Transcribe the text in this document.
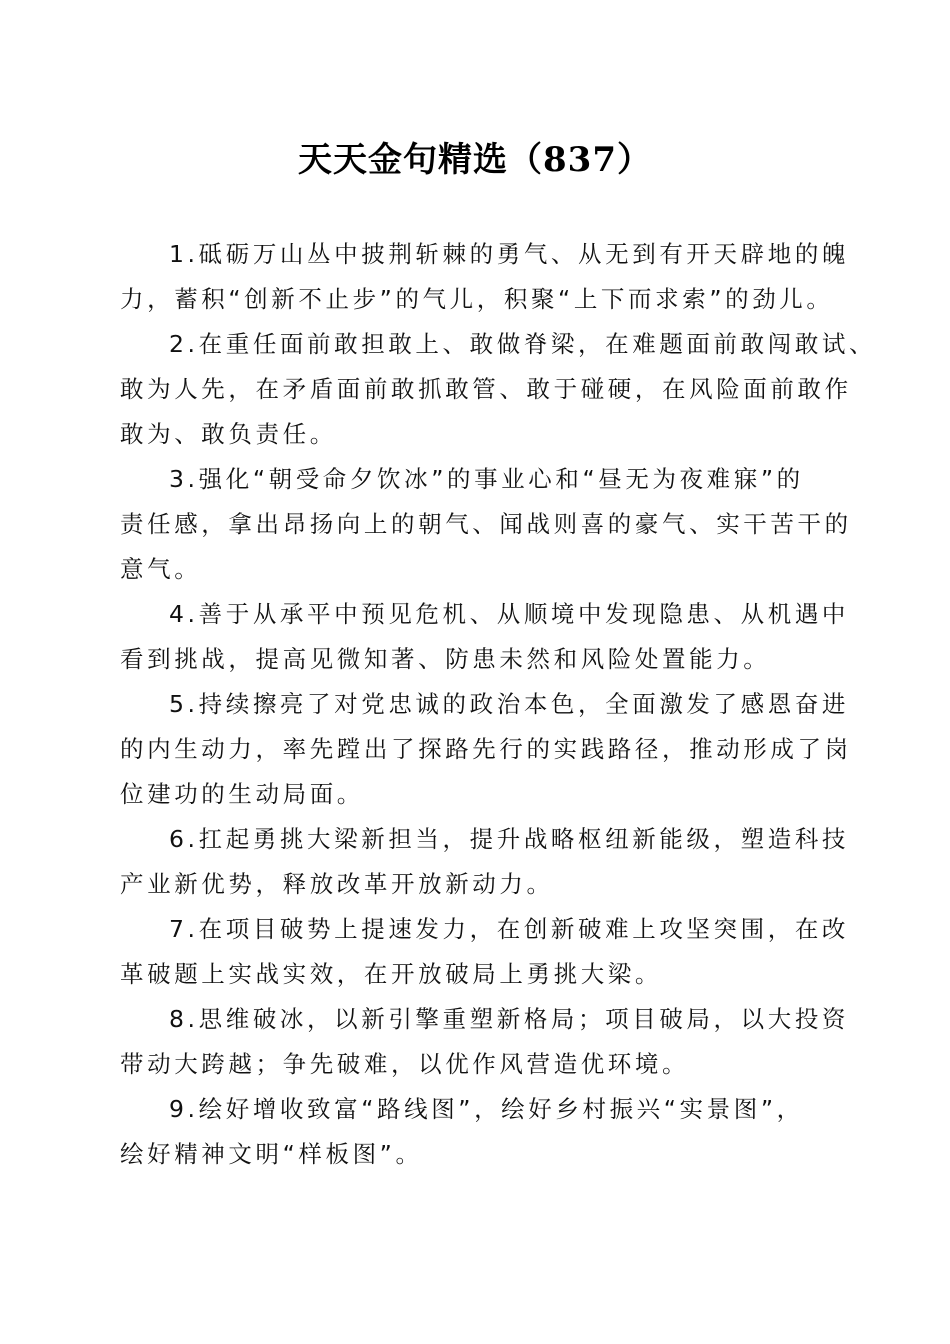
天天金句精选（837）
1.砥砺万山丛中披荆斩棘的勇气、从无到有开天辟地的魄
力，蓄积“创新不止步”的气儿，积聚“上下而求索”的劲儿。
2.在重任面前敢担敢上、敢做脊梁，在难题面前敢闯敢试、
敢为人先，在矛盾面前敢抓敢管、敢于碰硬，在风险面前敢作
敢为、敢负责任。
3.强化“朝受命夕饮冰”的事业心和“昼无为夜难寐”的
责任感，拿出昂扬向上的朝气、闻战则喜的豪气、实干苦干的
意气。
4.善于从承平中预见危机、从顺境中发现隐患、从机遇中
看到挑战，提高见微知著、防患未然和风险处置能力。
5.持续擦亮了对党忠诚的政治本色，全面激发了感恩奋进
的内生动力，率先蹚出了探路先行的实践路径，推动形成了岗
位建功的生动局面。
6.扛起勇挑大梁新担当，提升战略枢纽新能级，塑造科技
产业新优势，释放改革开放新动力。
7.在项目破势上提速发力，在创新破难上攻坚突围，在改
革破题上实战实效，在开放破局上勇挑大梁。
8.思维破冰，以新引擎重塑新格局；项目破局，以大投资
带动大跨越；争先破难，以优作风营造优环境。
9.绘好增收致富“路线图”，绘好乡村振兴“实景图”，
绘好精神文明“样板图”。
